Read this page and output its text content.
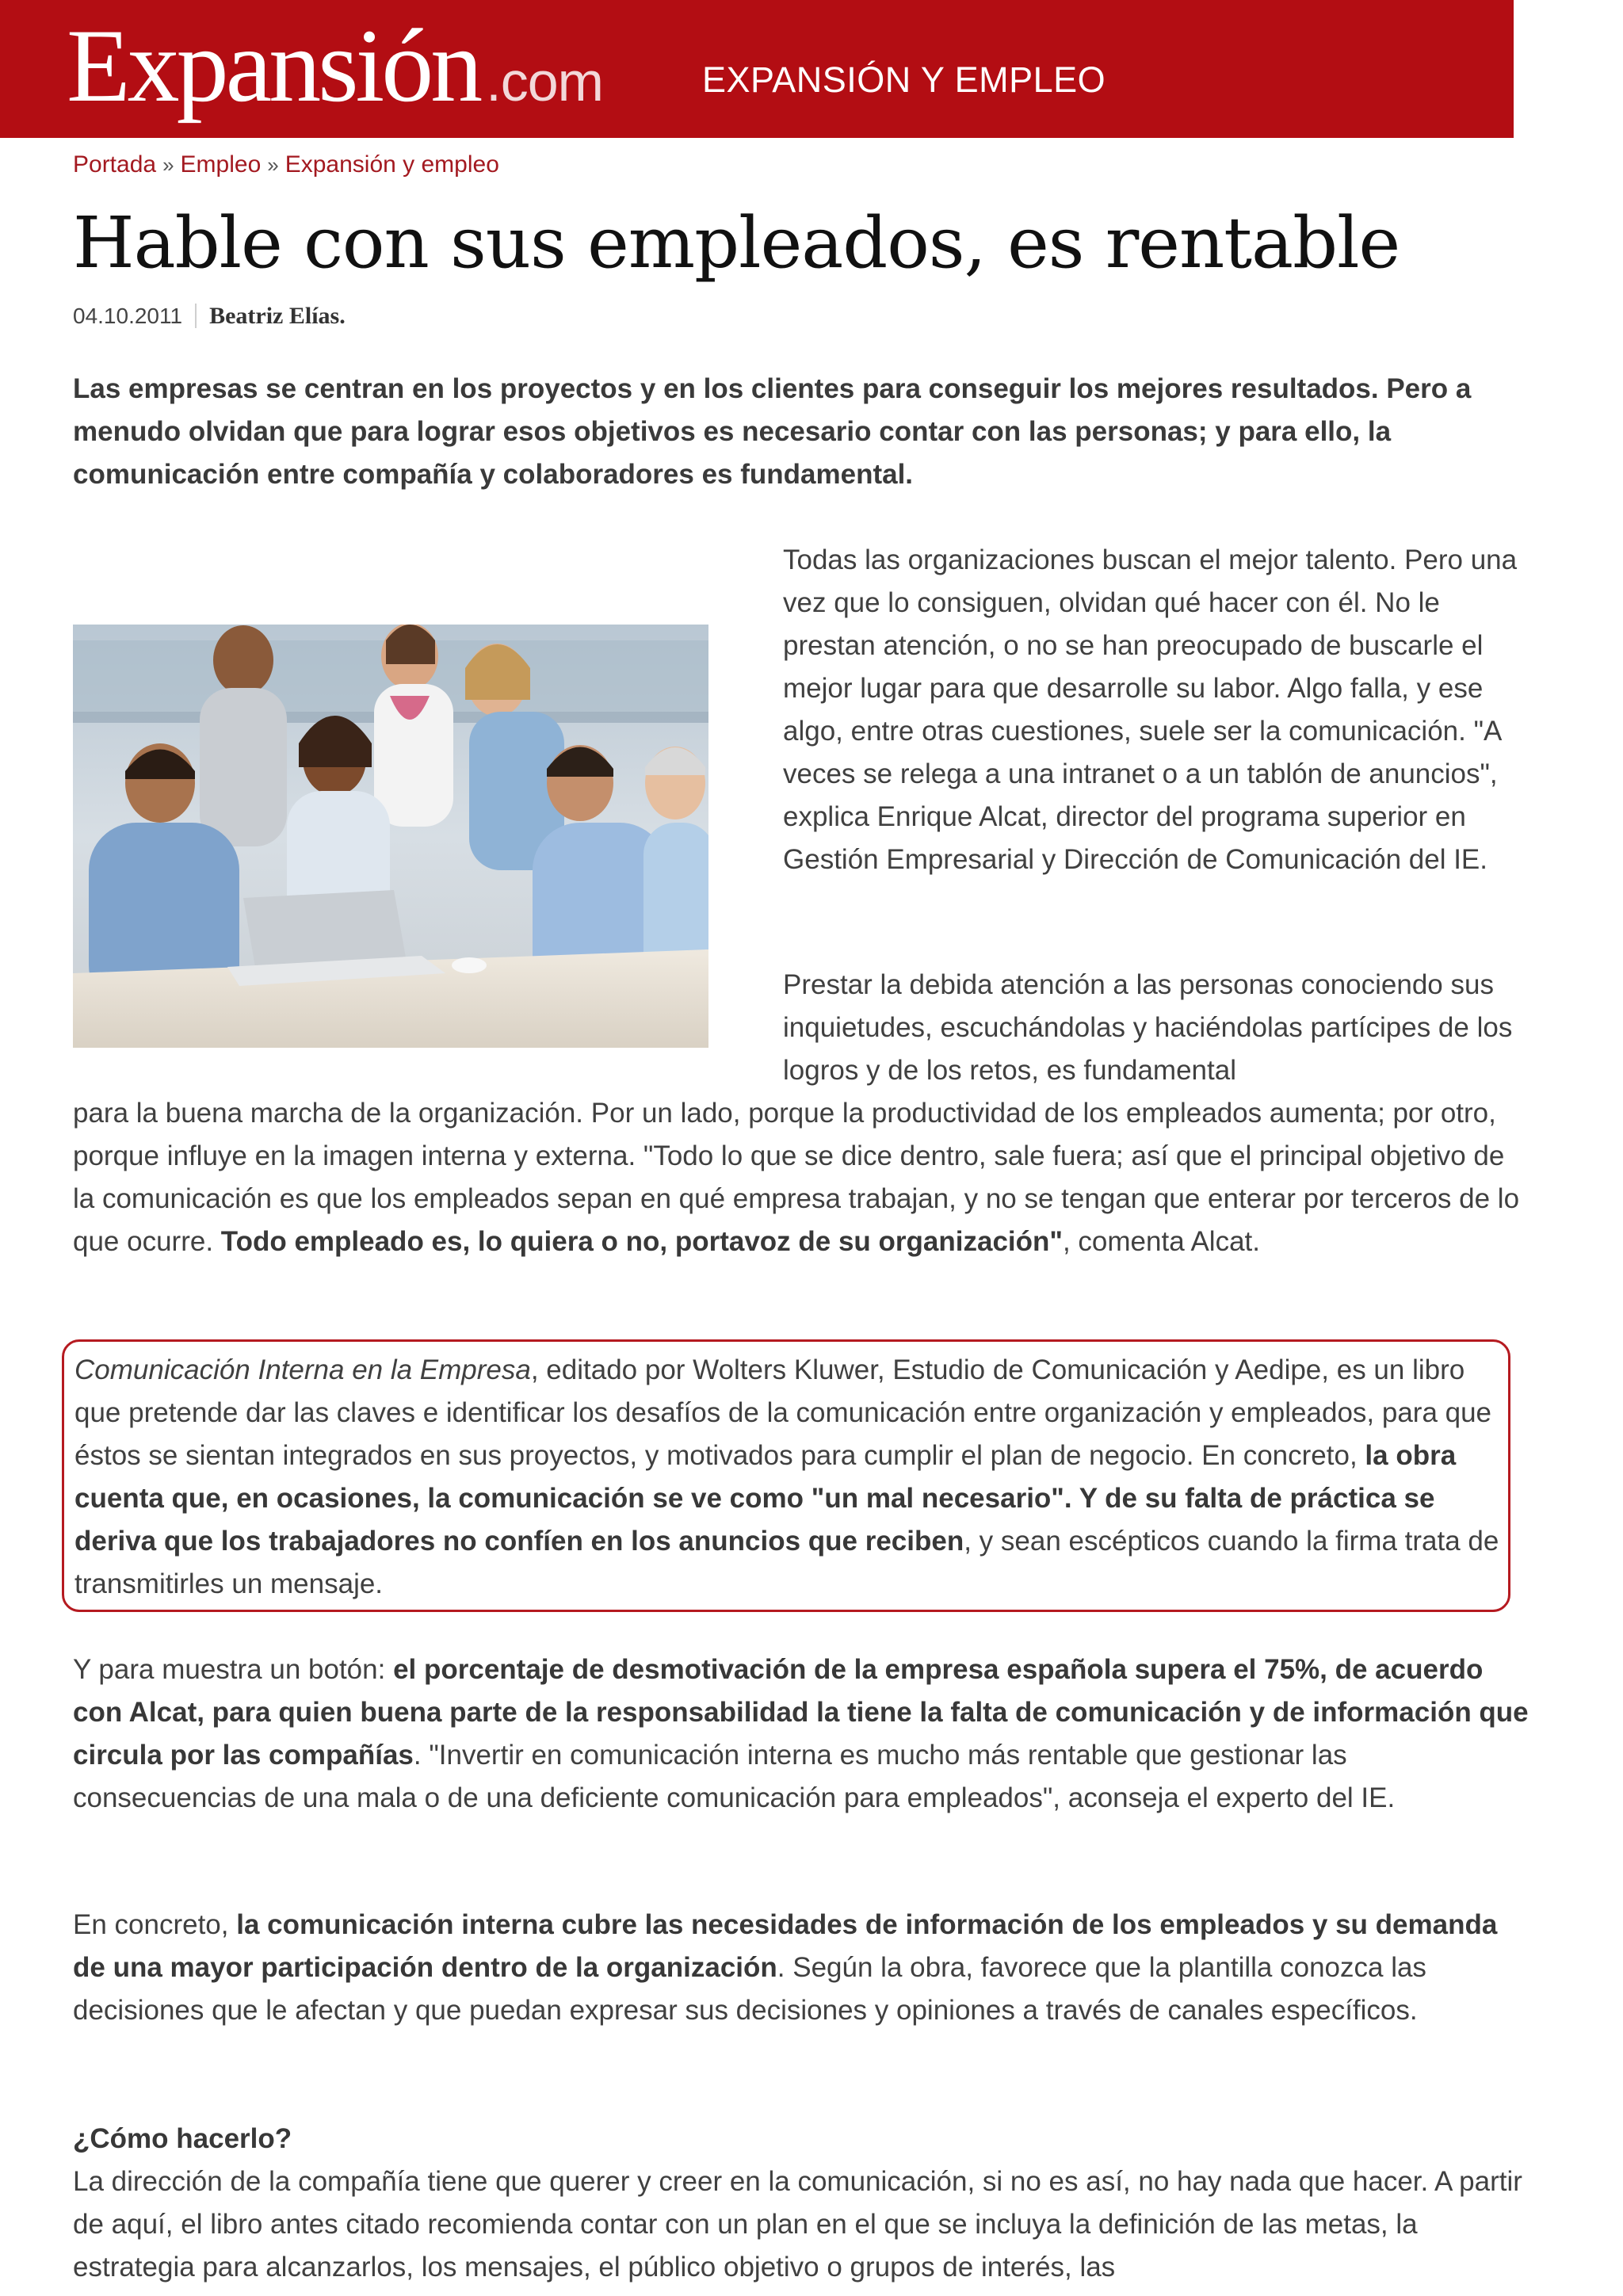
Expansión .com	EXPANSIÓN Y EMPLEO
Portada » Empleo » Expansión y empleo
Hable con sus empleados, es rentable
04.10.2011 Beatriz Elías.

Las empresas se centran en los proyectos y en los clientes para conseguir los mejores resultados. Pero a menudo olvidan que para lograr esos objetivos es necesario contar con las personas; y para ello, la comunicación entre compañía y colaboradores es fundamental.

Todas las organizaciones buscan el mejor talento. Pero una vez que lo consiguen, olvidan qué hacer con él. No le prestan atención, o no se han preocupado de buscarle el mejor lugar para que desarrolle su labor. Algo falla, y ese algo, entre otras cuestiones, suele ser la comunicación. "A veces se relega a una intranet o a un tablón de anuncios", explica Enrique Alcat, director del programa superior en Gestión Empresarial y Dirección de Comunicación del IE.

Prestar la debida atención a las personas conociendo sus inquietudes, escuchándolas y haciéndolas partícipes de los logros y de los retos, es fundamental

para la buena marcha de la organización. Por un lado, porque la productividad de los empleados aumenta; por otro, porque influye en la imagen interna y externa. "Todo lo que se dice dentro, sale fuera; así que el principal objetivo de la comunicación es que los empleados sepan en qué empresa trabajan, y no se tengan que enterar por terceros de lo que ocurre. Todo empleado es, lo quiera o no, portavoz de su organización", comenta Alcat.

Comunicación Interna en la Empresa, editado por Wolters Kluwer, Estudio de Comunicación y Aedipe, es un libro que pretende dar las claves e identificar los desafíos de la comunicación entre organización y empleados, para que éstos se sientan integrados en sus proyectos, y motivados para cumplir el plan de negocio. En concreto, la obra cuenta que, en ocasiones, la comunicación se ve como "un mal necesario". Y de su falta de práctica se deriva que los trabajadores no confíen en los anuncios que reciben, y sean escépticos cuando la firma trata de transmitirles un mensaje.

Y para muestra un botón: el porcentaje de desmotivación de la empresa española supera el 75%, de acuerdo con Alcat, para quien buena parte de la responsabilidad la tiene la falta de comunicación y de información que circula por las compañías. "Invertir en comunicación interna es mucho más rentable que gestionar las consecuencias de una mala o de una deficiente comunicación para empleados", aconseja el experto del IE.

En concreto, la comunicación interna cubre las necesidades de información de los empleados y su demanda de una mayor participación dentro de la organización. Según la obra, favorece que la plantilla conozca las decisiones que le afectan y que puedan expresar sus decisiones y opiniones a través de canales específicos.

¿Cómo hacerlo?

La dirección de la compañía tiene que querer y creer en la comunicación, si no es así, no hay nada que hacer. A partir de aquí, el libro antes citado recomienda contar con un plan en el que se incluya la definición de las metas, la estrategia para alcanzarlos, los mensajes, el público objetivo o grupos de interés, las
